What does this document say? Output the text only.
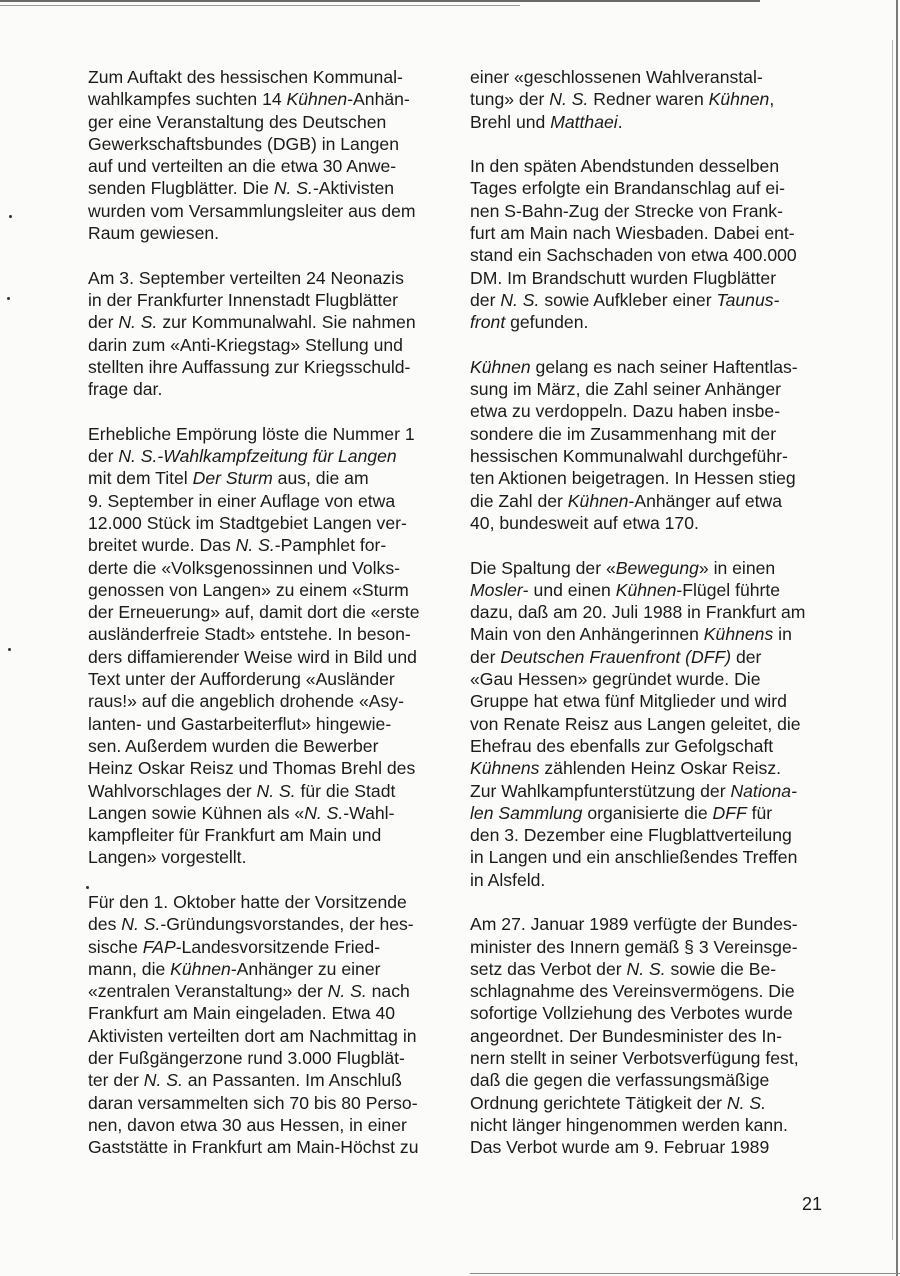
Zum Auftakt des hessischen Kommunal-
wahlkampfes suchten 14 Kühnen-Anhän-
ger eine Veranstaltung des Deutschen
Gewerkschaftsbundes (DGB) in Langen
auf und verteilten an die etwa 30 Anwe-
senden Flugblätter. Die N. S.-Aktivisten
wurden vom Versammlungsleiter aus dem
Raum gewiesen.

Am 3. September verteilten 24 Neonazis
in der Frankfurter Innenstadt Flugblätter
der N. S. zur Kommunalwahl. Sie nahmen
darin zum «Anti-Kriegstag» Stellung und
stellten ihre Auffassung zur Kriegsschuld-
frage dar.

Erhebliche Empörung löste die Nummer 1
der N. S.-Wahlkampfzeitung für Langen
mit dem Titel Der Sturm aus, die am
9. September in einer Auflage von etwa
12.000 Stück im Stadtgebiet Langen ver-
breitet wurde. Das N. S.-Pamphlet for-
derte die «Volksgenossinnen und Volks-
genossen von Langen» zu einem «Sturm
der Erneuerung» auf, damit dort die «erste
ausländerfreie Stadt» entstehe. In beson-
ders diffamierender Weise wird in Bild und
Text unter der Aufforderung «Ausländer
raus!» auf die angeblich drohende «Asy-
lanten- und Gastarbeiterflut» hingewie-
sen. Außerdem wurden die Bewerber
Heinz Oskar Reisz und Thomas Brehl des
Wahlvorschlages der N. S. für die Stadt
Langen sowie Kühnen als «N. S.-Wahl-
kampfleiter für Frankfurt am Main und
Langen» vorgestellt.

Für den 1. Oktober hatte der Vorsitzende
des N. S.-Gründungsvorstandes, der hes-
sische FAP-Landesvorsitzende Fried-
mann, die Kühnen-Anhänger zu einer
«zentralen Veranstaltung» der N. S. nach
Frankfurt am Main eingeladen. Etwa 40
Aktivisten verteilten dort am Nachmittag in
der Fußgängerzone rund 3.000 Flugblät-
ter der N. S. an Passanten. Im Anschluß
daran versammelten sich 70 bis 80 Perso-
nen, davon etwa 30 aus Hessen, in einer
Gaststätte in Frankfurt am Main-Höchst zu

einer «geschlossenen Wahlveranstal-
tung» der N. S. Redner waren Kühnen,
Brehl und Matthaei.

In den späten Abendstunden desselben
Tages erfolgte ein Brandanschlag auf ei-
nen S-Bahn-Zug der Strecke von Frank-
furt am Main nach Wiesbaden. Dabei ent-
stand ein Sachschaden von etwa 400.000
DM. Im Brandschutt wurden Flugblätter
der N. S. sowie Aufkleber einer Taunus-
front gefunden.

Kühnen gelang es nach seiner Haftentlas-
sung im März, die Zahl seiner Anhänger
etwa zu verdoppeln. Dazu haben insbe-
sondere die im Zusammenhang mit der
hessischen Kommunalwahl durchgeführ-
ten Aktionen beigetragen. In Hessen stieg
die Zahl der Kühnen-Anhänger auf etwa
40, bundesweit auf etwa 170.

Die Spaltung der «Bewegung» in einen
Mosler- und einen Kühnen-Flügel führte
dazu, daß am 20. Juli 1988 in Frankfurt am
Main von den Anhängerinnen Kühnens in
der Deutschen Frauenfront (DFF) der
«Gau Hessen» gegründet wurde. Die
Gruppe hat etwa fünf Mitglieder und wird
von Renate Reisz aus Langen geleitet, die
Ehefrau des ebenfalls zur Gefolgschaft
Kühnens zählenden Heinz Oskar Reisz.
Zur Wahlkampfunterstützung der Nationa-
len Sammlung organisierte die DFF für
den 3. Dezember eine Flugblattverteilung
in Langen und ein anschließendes Treffen
in Alsfeld.

Am 27. Januar 1989 verfügte der Bundes-
minister des Innern gemäß § 3 Vereinsge-
setz das Verbot der N. S. sowie die Be-
schlagnahme des Vereinsvermögens. Die
sofortige Vollziehung des Verbotes wurde
angeordnet. Der Bundesminister des In-
nern stellt in seiner Verbotsverfügung fest,
daß die gegen die verfassungsmäßige
Ordnung gerichtete Tätigkeit der N. S.
nicht länger hingenommen werden kann.
Das Verbot wurde am 9. Februar 1989

21
